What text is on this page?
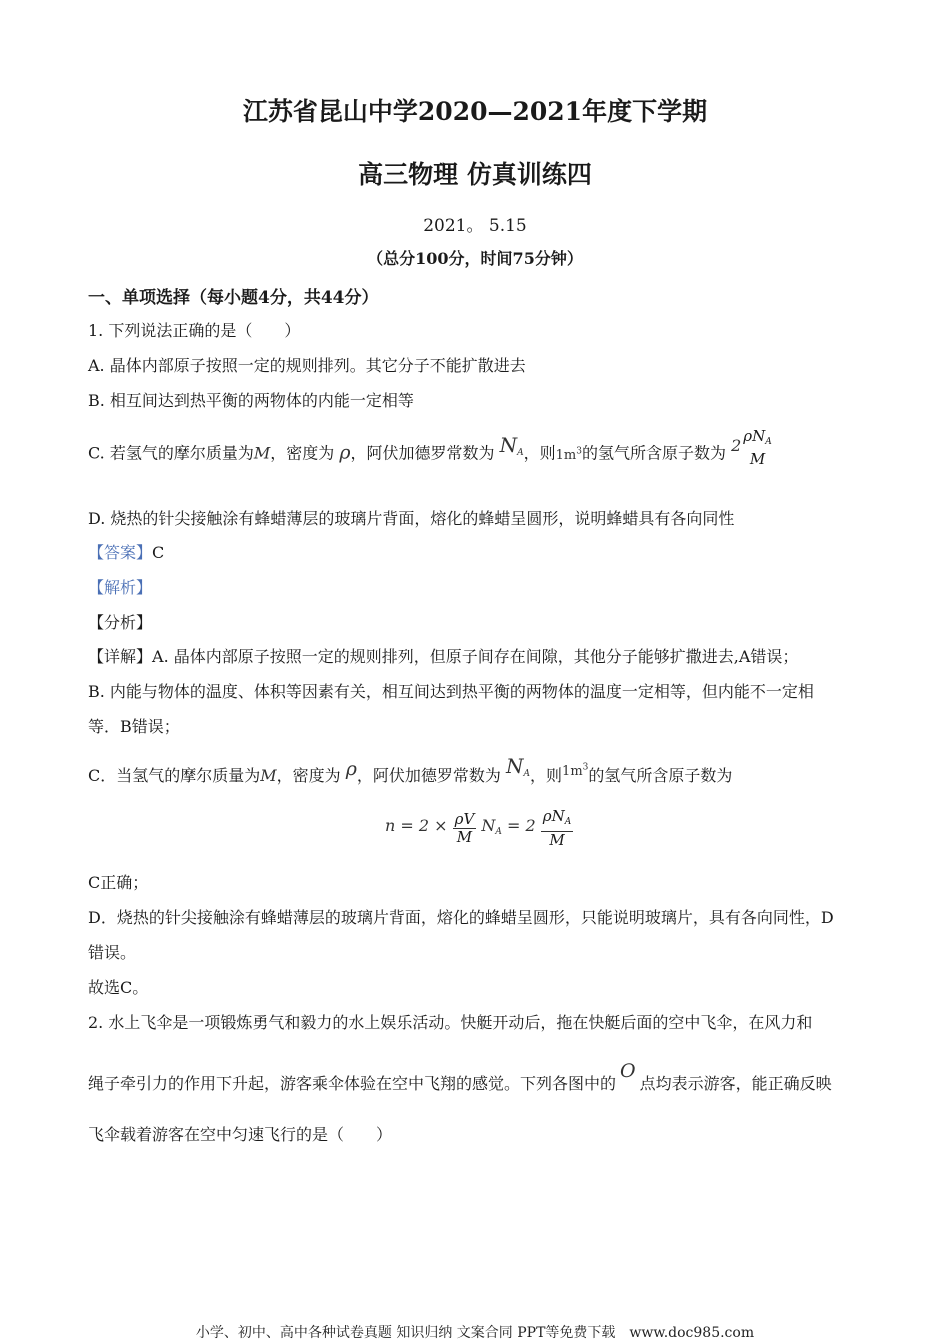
江苏省昆山中学2020—2021年度下学期
高三物理 仿真训练四
2021。 5.15
（总分100分，时间75分钟）
一、单项选择（每小题4分，共44分）
1. 下列说法正确的是（　　）
A. 晶体内部原子按照一定的规则排列。其它分子不能扩散进去
B. 相互间达到热平衡的两物体的内能一定相等
C. 若氢气的摩尔质量为M，密度为 ρ，阿伏加德罗常数为 $N_A$，则$1m^3$的氢气所含原子数为 2 $\rho N_A$
M
D. 烧热的针尖接触涂有蜂蜡薄层的玻璃片背面，熔化的蜂蜡呈圆形，说明蜂蜡具有各向同性
【答案】C
【解析】
【分析】
【详解】A. 晶体内部原子按照一定的规则排列，但原子间存在间隙，其他分子能够扩撒进去,A错误；
B. 内能与物体的温度、体积等因素有关，相互间达到热平衡的两物体的温度一定相等，但内能不一定相
等．B错误；
C．当氢气的摩尔质量为M，密度为 ρ，阿伏加德罗常数为 $N_A$，则$^{1m^3}$的氢气所含原子数为
$n = 2 \times \frac{\rho V}{M} N_A = 2 \frac{\rho N_A}{M}$
C正确；
D．烧热的针尖接触涂有蜂蜡薄层的玻璃片背面，熔化的蜂蜡呈圆形，只能说明玻璃片，具有各向同性，D
错误。
故选C。
2. 水上飞伞是一项锻炼勇气和毅力的水上娱乐活动。快艇开动后，拖在快艇后面的空中飞伞，在风力和
绳子牵引力的作用下升起，游客乘伞体验在空中飞翔的感觉。下列各图中的O点均表示游客，能正确反映
飞伞载着游客在空中匀速飞行的是（　　）
小学、初中、高中各种试卷真题 知识归纳 文案合同 PPT等免费下载　www.doc985.com
